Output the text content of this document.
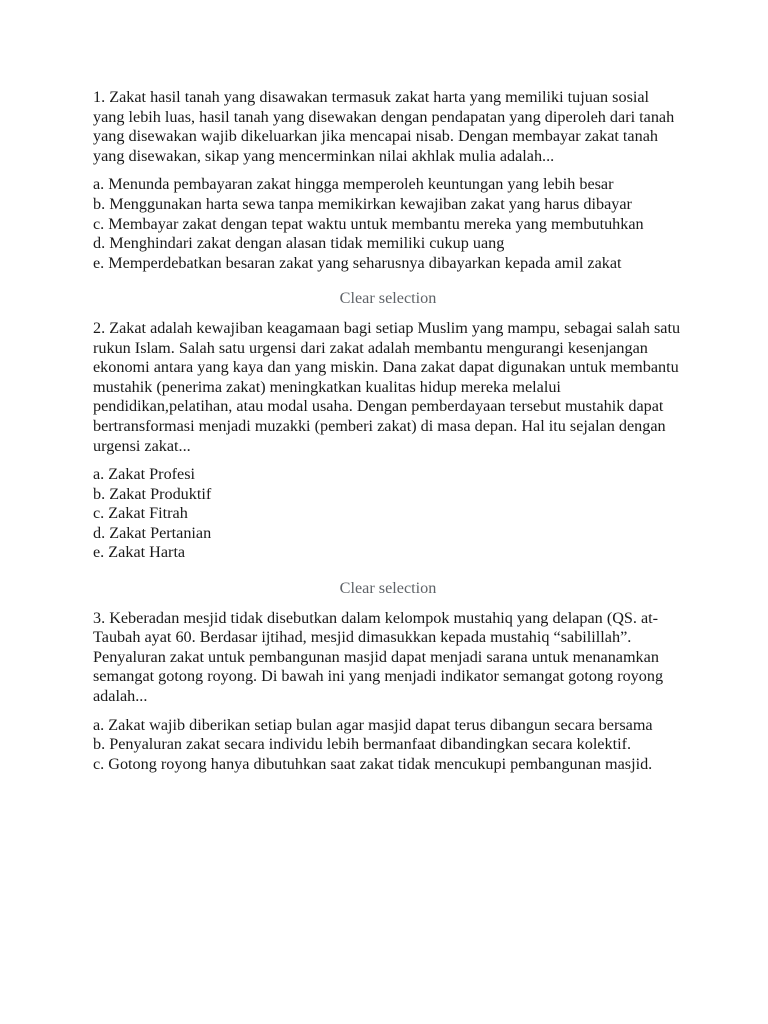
1. Zakat hasil tanah yang disawakan termasuk zakat harta yang memiliki tujuan sosial yang lebih luas, hasil tanah yang disewakan dengan pendapatan yang diperoleh dari tanah yang disewakan wajib dikeluarkan jika mencapai nisab. Dengan membayar zakat tanah yang disewakan, sikap yang mencerminkan nilai akhlak mulia adalah...

a. Menunda pembayaran zakat hingga memperoleh keuntungan yang lebih besar

b. Menggunakan harta sewa tanpa memikirkan kewajiban zakat yang harus dibayar

c. Membayar zakat dengan tepat waktu untuk membantu mereka yang membutuhkan

d. Menghindari zakat dengan alasan tidak memiliki cukup uang

e. Memperdebatkan besaran zakat yang seharusnya dibayarkan kepada amil zakat

Clear selection

2. Zakat adalah kewajiban keagamaan bagi setiap Muslim yang mampu, sebagai salah satu rukun Islam. Salah satu urgensi dari zakat adalah membantu mengurangi kesenjangan ekonomi antara yang kaya dan yang miskin. Dana zakat dapat digunakan untuk membantu mustahik (penerima zakat) meningkatkan kualitas hidup mereka melalui pendidikan,pelatihan, atau modal usaha. Dengan pemberdayaan tersebut mustahik dapat bertransformasi menjadi muzakki (pemberi zakat) di masa depan. Hal itu sejalan dengan urgensi zakat...

a. Zakat Profesi

b. Zakat Produktif

c. Zakat Fitrah

d. Zakat Pertanian

e. Zakat Harta

Clear selection

3. Keberadan mesjid tidak disebutkan dalam kelompok mustahiq yang delapan (QS. at-Taubah ayat 60. Berdasar ijtihad, mesjid dimasukkan kepada mustahiq “sabilillah”. Penyaluran zakat untuk pembangunan masjid dapat menjadi sarana untuk menanamkan semangat gotong royong. Di bawah ini yang menjadi indikator semangat gotong royong adalah...

a. Zakat wajib diberikan setiap bulan agar masjid dapat terus dibangun secara bersama

b. Penyaluran zakat secara individu lebih bermanfaat dibandingkan secara kolektif.

c. Gotong royong hanya dibutuhkan saat zakat tidak mencukupi pembangunan masjid.
